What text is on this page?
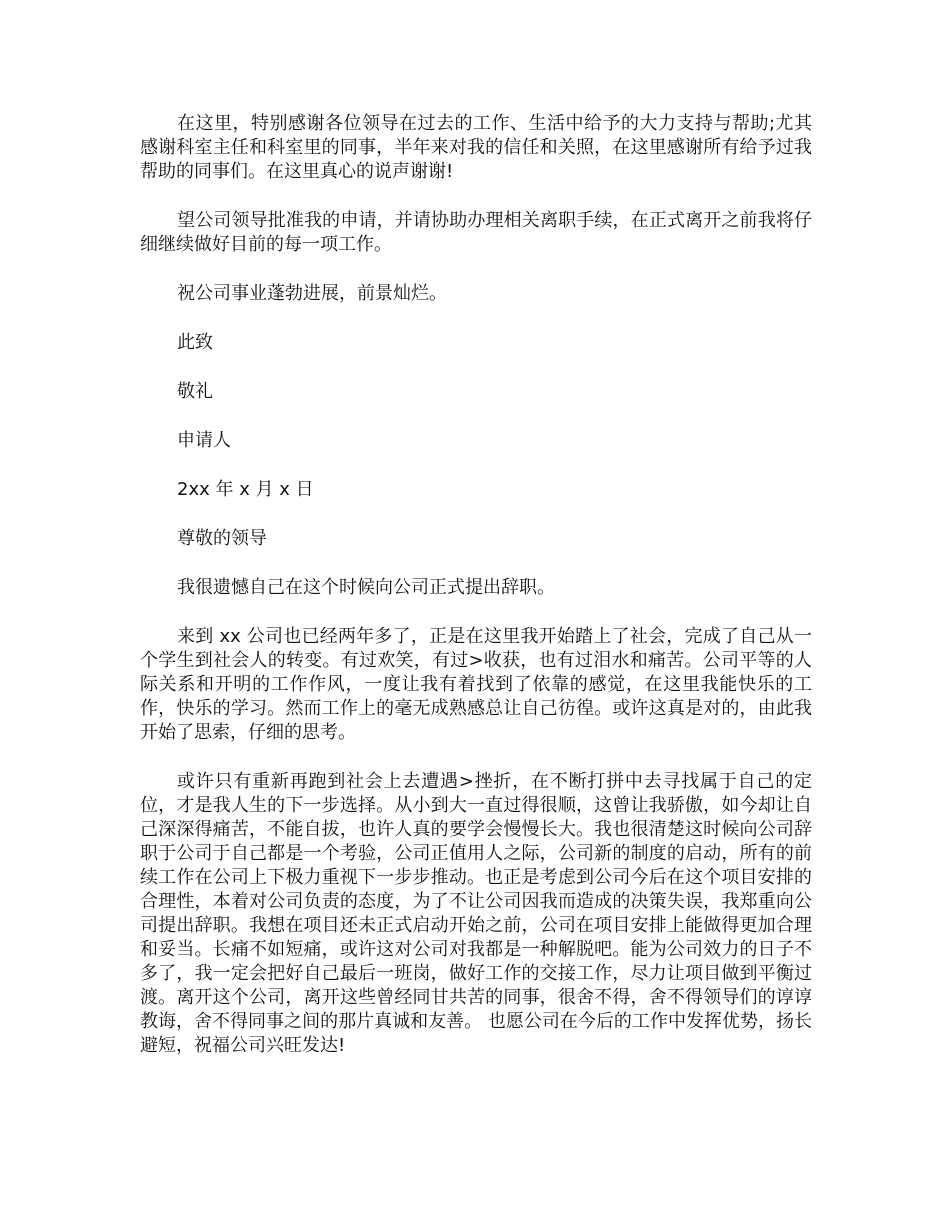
在这里，特别感谢各位领导在过去的工作、生活中给予的大力支持与帮助;尤其感谢科室主任和科室里的同事，半年来对我的信任和关照，在这里感谢所有给予过我帮助的同事们。在这里真心的说声谢谢!

望公司领导批准我的申请，并请协助办理相关离职手续，在正式离开之前我将仔细继续做好目前的每一项工作。

祝公司事业蓬勃进展，前景灿烂。

此致

敬礼

申请人

2xx 年 x 月 x 日

尊敬的领导

我很遗憾自己在这个时候向公司正式提出辞职。

来到 xx 公司也已经两年多了，正是在这里我开始踏上了社会，完成了自己从一个学生到社会人的转变。有过欢笑，有过>收获，也有过泪水和痛苦。公司平等的人际关系和开明的工作作风，一度让我有着找到了依靠的感觉，在这里我能快乐的工作，快乐的学习。然而工作上的毫无成熟感总让自己彷徨。或许这真是对的，由此我开始了思索，仔细的思考。

或许只有重新再跑到社会上去遭遇>挫折，在不断打拼中去寻找属于自己的定位，才是我人生的下一步选择。从小到大一直过得很顺，这曾让我骄傲，如今却让自己深深得痛苦，不能自拔，也许人真的要学会慢慢长大。我也很清楚这时候向公司辞职于公司于自己都是一个考验，公司正值用人之际，公司新的制度的启动，所有的前续工作在公司上下极力重视下一步步推动。也正是考虑到公司今后在这个项目安排的合理性，本着对公司负责的态度，为了不让公司因我而造成的决策失误，我郑重向公司提出辞职。我想在项目还未正式启动开始之前，公司在项目安排上能做得更加合理和妥当。长痛不如短痛，或许这对公司对我都是一种解脱吧。能为公司效力的日子不多了，我一定会把好自己最后一班岗，做好工作的交接工作，尽力让项目做到平衡过渡。离开这个公司，离开这些曾经同甘共苦的同事，很舍不得，舍不得领导们的谆谆教诲，舍不得同事之间的那片真诚和友善。 也愿公司在今后的工作中发挥优势，扬长避短，祝福公司兴旺发达!
